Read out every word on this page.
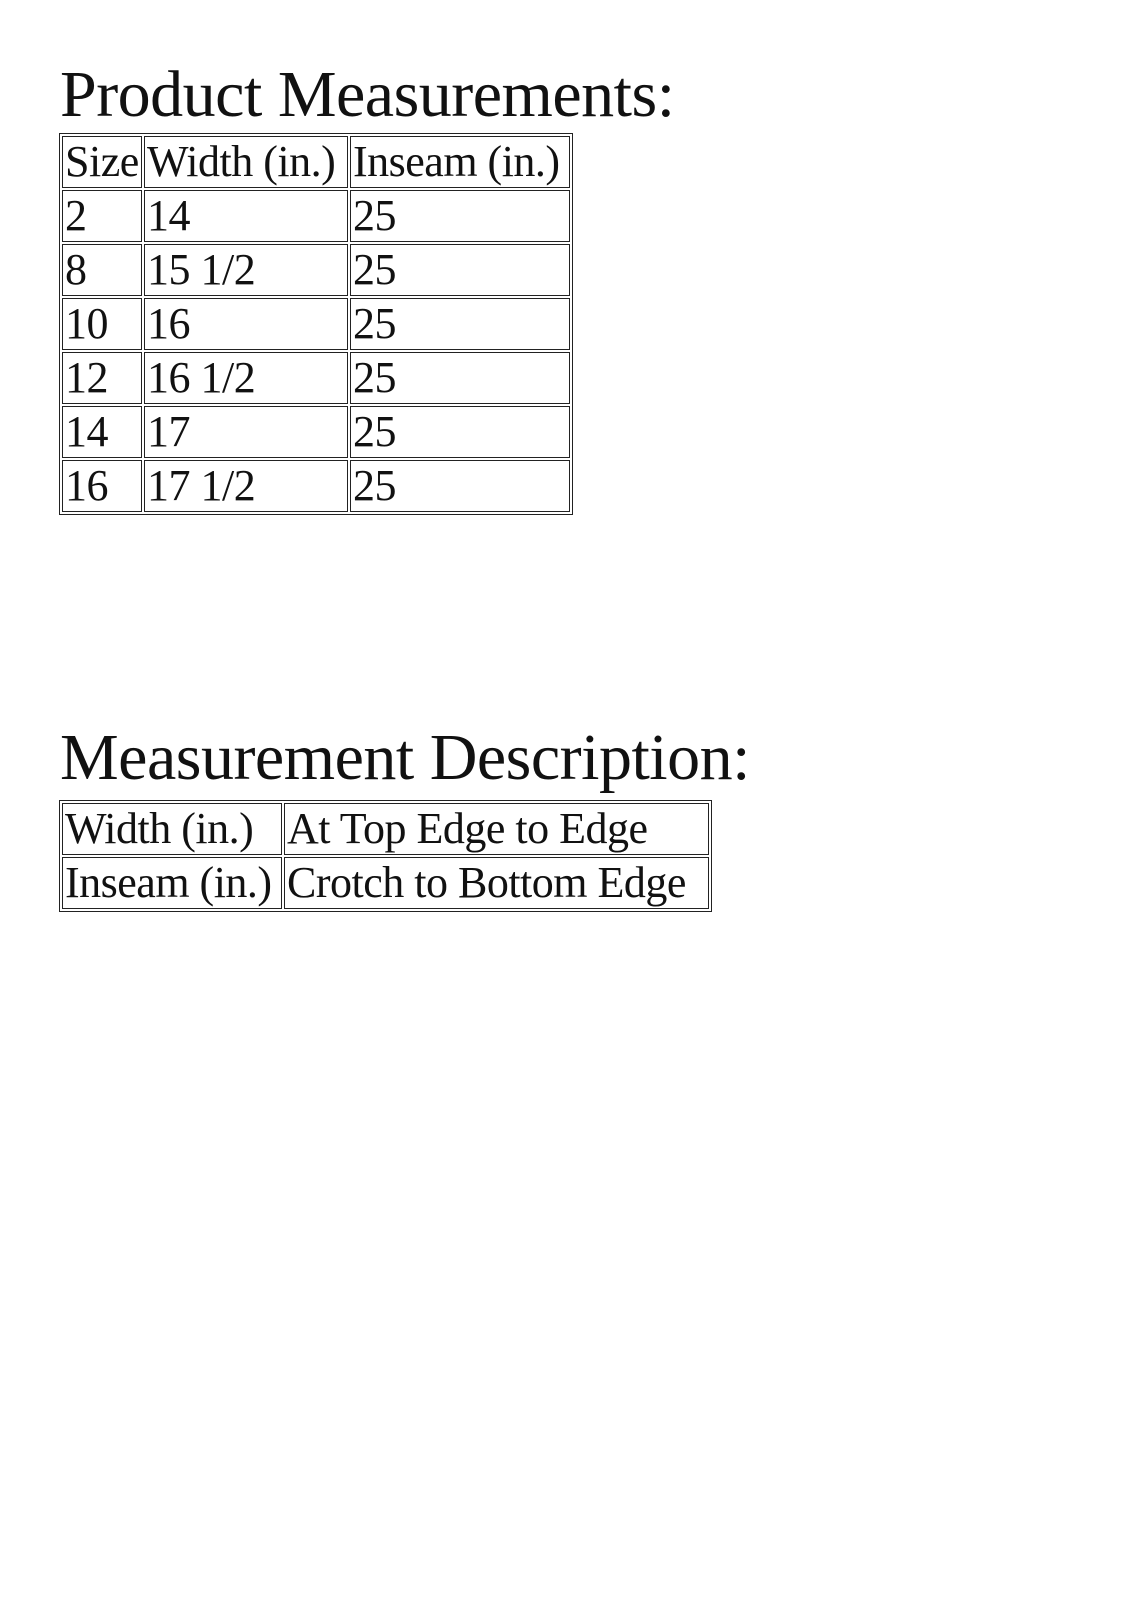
Product Measurements:
Size	Width (in.)	Inseam (in.)
2	14	25
8	15 1/2	25
10	16	25
12	16 1/2	25
14	17	25
16	17 1/2	25
Measurement Description:
Width (in.)	At Top Edge to Edge
Inseam (in.)	Crotch to Bottom Edge
